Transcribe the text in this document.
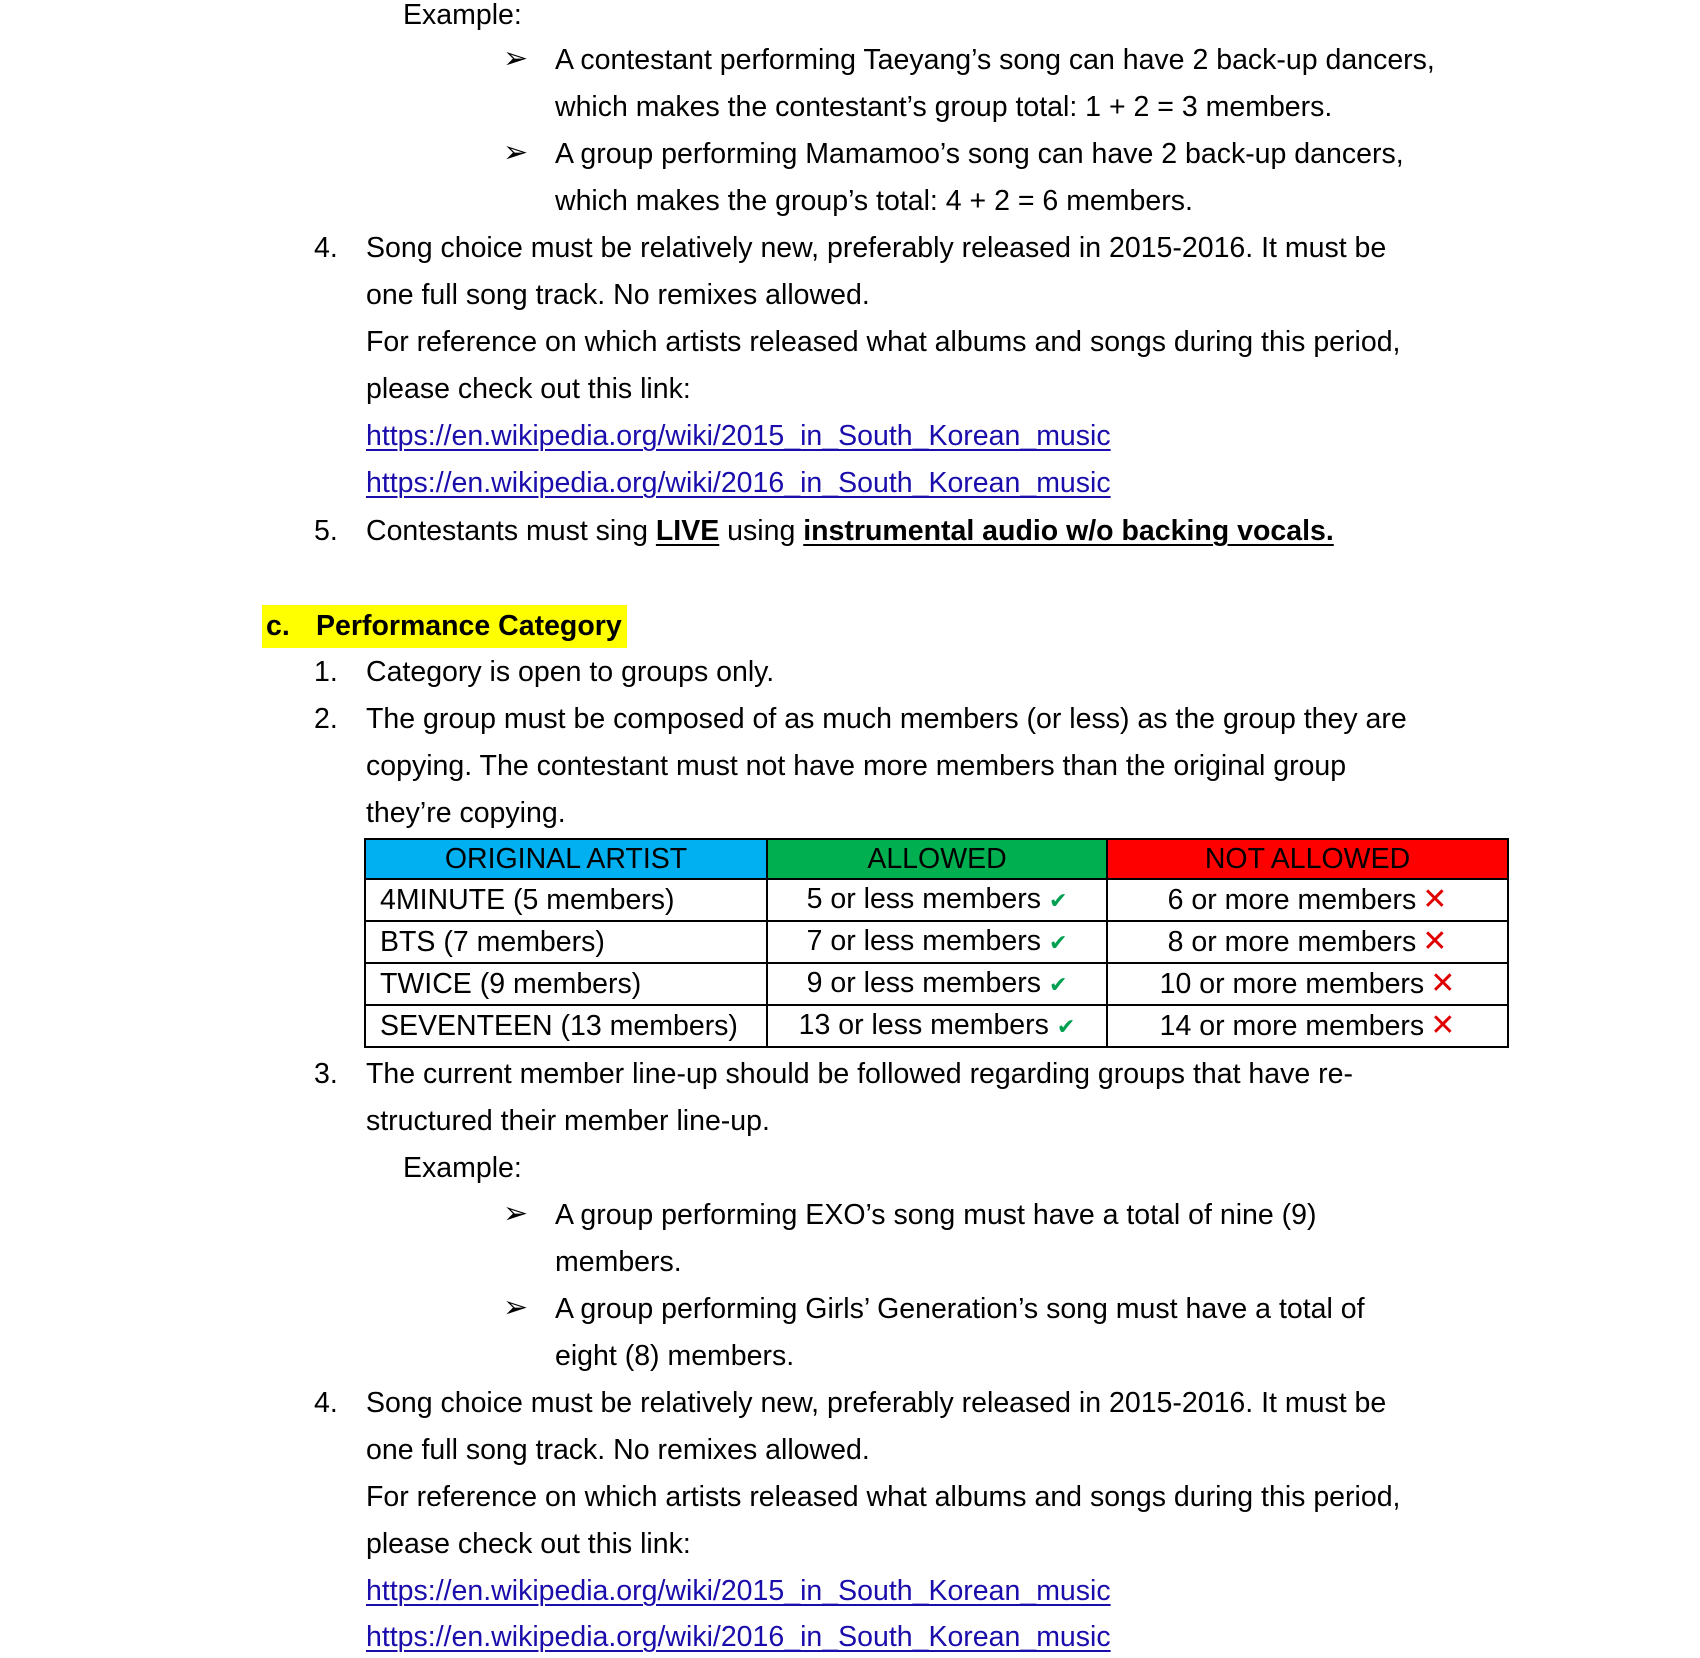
Example:
➢ A contestant performing Taeyang’s song can have 2 back-up dancers,
which makes the contestant’s group total: 1 + 2 = 3 members.
➢ A group performing Mamamoo’s song can have 2 back-up dancers,
which makes the group’s total: 4 + 2 = 6 members.
4. Song choice must be relatively new, preferably released in 2015-2016. It must be
one full song track. No remixes allowed.
For reference on which artists released what albums and songs during this period,
please check out this link:
https://en.wikipedia.org/wiki/2015_in_South_Korean_music
https://en.wikipedia.org/wiki/2016_in_South_Korean_music
5. Contestants must sing LIVE using instrumental audio w/o backing vocals.
c. Performance Category
1. Category is open to groups only.
2. The group must be composed of as much members (or less) as the group they are
copying. The contestant must not have more members than the original group
they’re copying.
ORIGINAL ARTIST	ALLOWED	NOT ALLOWED
4MINUTE (5 members)	5 or less members ✔	6 or more members ✕
BTS (7 members)	7 or less members ✔	8 or more members ✕
TWICE (9 members)	9 or less members ✔	10 or more members ✕
SEVENTEEN (13 members)	13 or less members ✔	14 or more members ✕
3. The current member line-up should be followed regarding groups that have re-
structured their member line-up.
Example:
➢ A group performing EXO’s song must have a total of nine (9)
members.
➢ A group performing Girls’ Generation’s song must have a total of
eight (8) members.
4. Song choice must be relatively new, preferably released in 2015-2016. It must be
one full song track. No remixes allowed.
For reference on which artists released what albums and songs during this period,
please check out this link:
https://en.wikipedia.org/wiki/2015_in_South_Korean_music
https://en.wikipedia.org/wiki/2016_in_South_Korean_music
